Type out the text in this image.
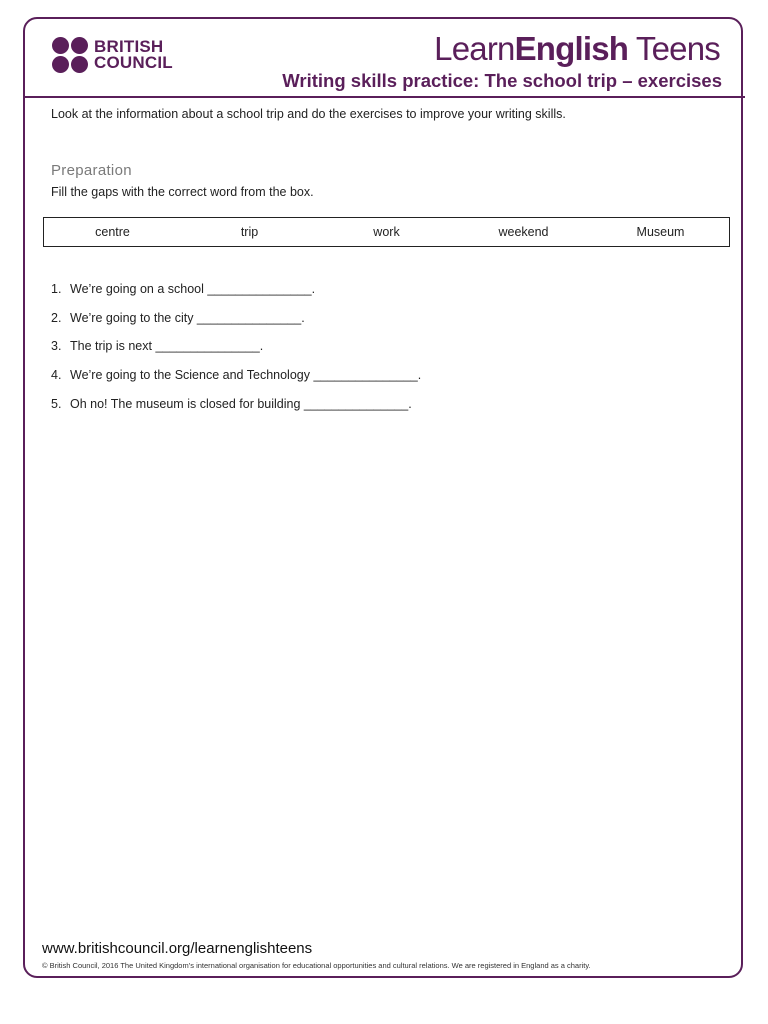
BRITISH
COUNCIL	LearnEnglish Teens
Writing skills practice: The school trip – exercises
Look at the information about a school trip and do the exercises to improve your writing skills.
Preparation
Fill the gaps with the correct word from the box.
centre	trip	work	weekend	Museum
1. We’re going on a school _______________.
2. We’re going to the city _______________.
3. The trip is next _______________.
4. We’re going to the Science and Technology _______________.
5. Oh no! The museum is closed for building _______________.
www.britishcouncil.org/learnenglishteens
© British Council, 2016 The United Kingdom’s international organisation for educational opportunities and cultural relations. We are registered in England as a charity.
